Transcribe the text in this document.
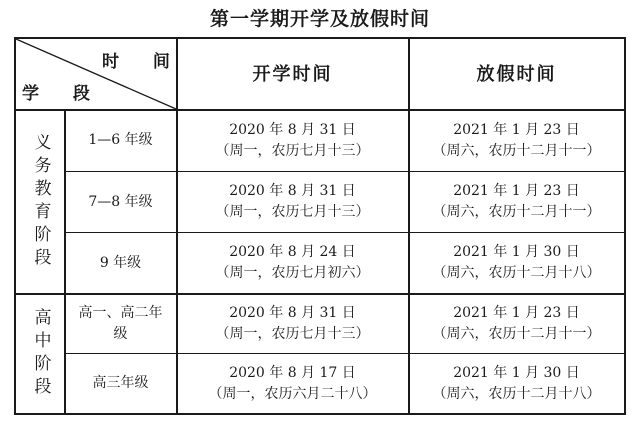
第一学期开学及放假时间
时 间
学 段
开学时间	放假时间
义务教育阶段
高中阶段
1—6 年级
2020 年 8 月 31 日
（周一，农历七月十三）
2021 年 1 月 23 日
（周六，农历十二月十一）
7—8 年级
2020 年 8 月 31 日
（周一，农历七月十三）
2021 年 1 月 23 日
（周六，农历十二月十一）
9 年级
2020 年 8 月 24 日
（周一，农历七月初六）
2021 年 1 月 30 日
（周六，农历十二月十八）
高一、高二年级
2020 年 8 月 31 日
（周一，农历七月十三）
2021 年 1 月 23 日
（周六，农历十二月十一）
高三年级
2020 年 8 月 17 日
（周一，农历六月二十八）
2021 年 1 月 30 日
（周六，农历十二月十八）
